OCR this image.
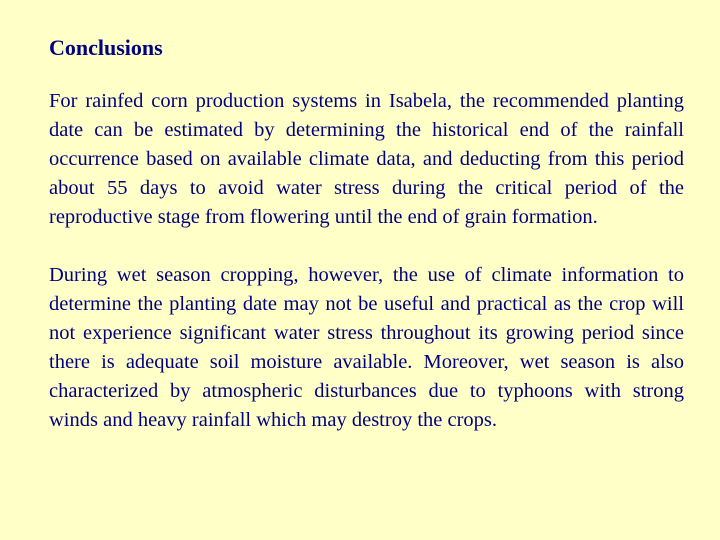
Conclusions

For rainfed corn production systems in Isabela, the recommended planting date can be estimated by determining the historical end of the rainfall occurrence based on available climate data, and deducting from this period about 55 days to avoid water stress during the critical period of the reproductive stage from flowering until the end of grain formation.

During wet season cropping, however, the use of climate information to determine the planting date may not be useful and practical as the crop will not experience significant water stress throughout its growing period since there is adequate soil moisture available. Moreover, wet season is also characterized by atmospheric disturbances due to typhoons with strong winds and heavy rainfall which may destroy the crops.
